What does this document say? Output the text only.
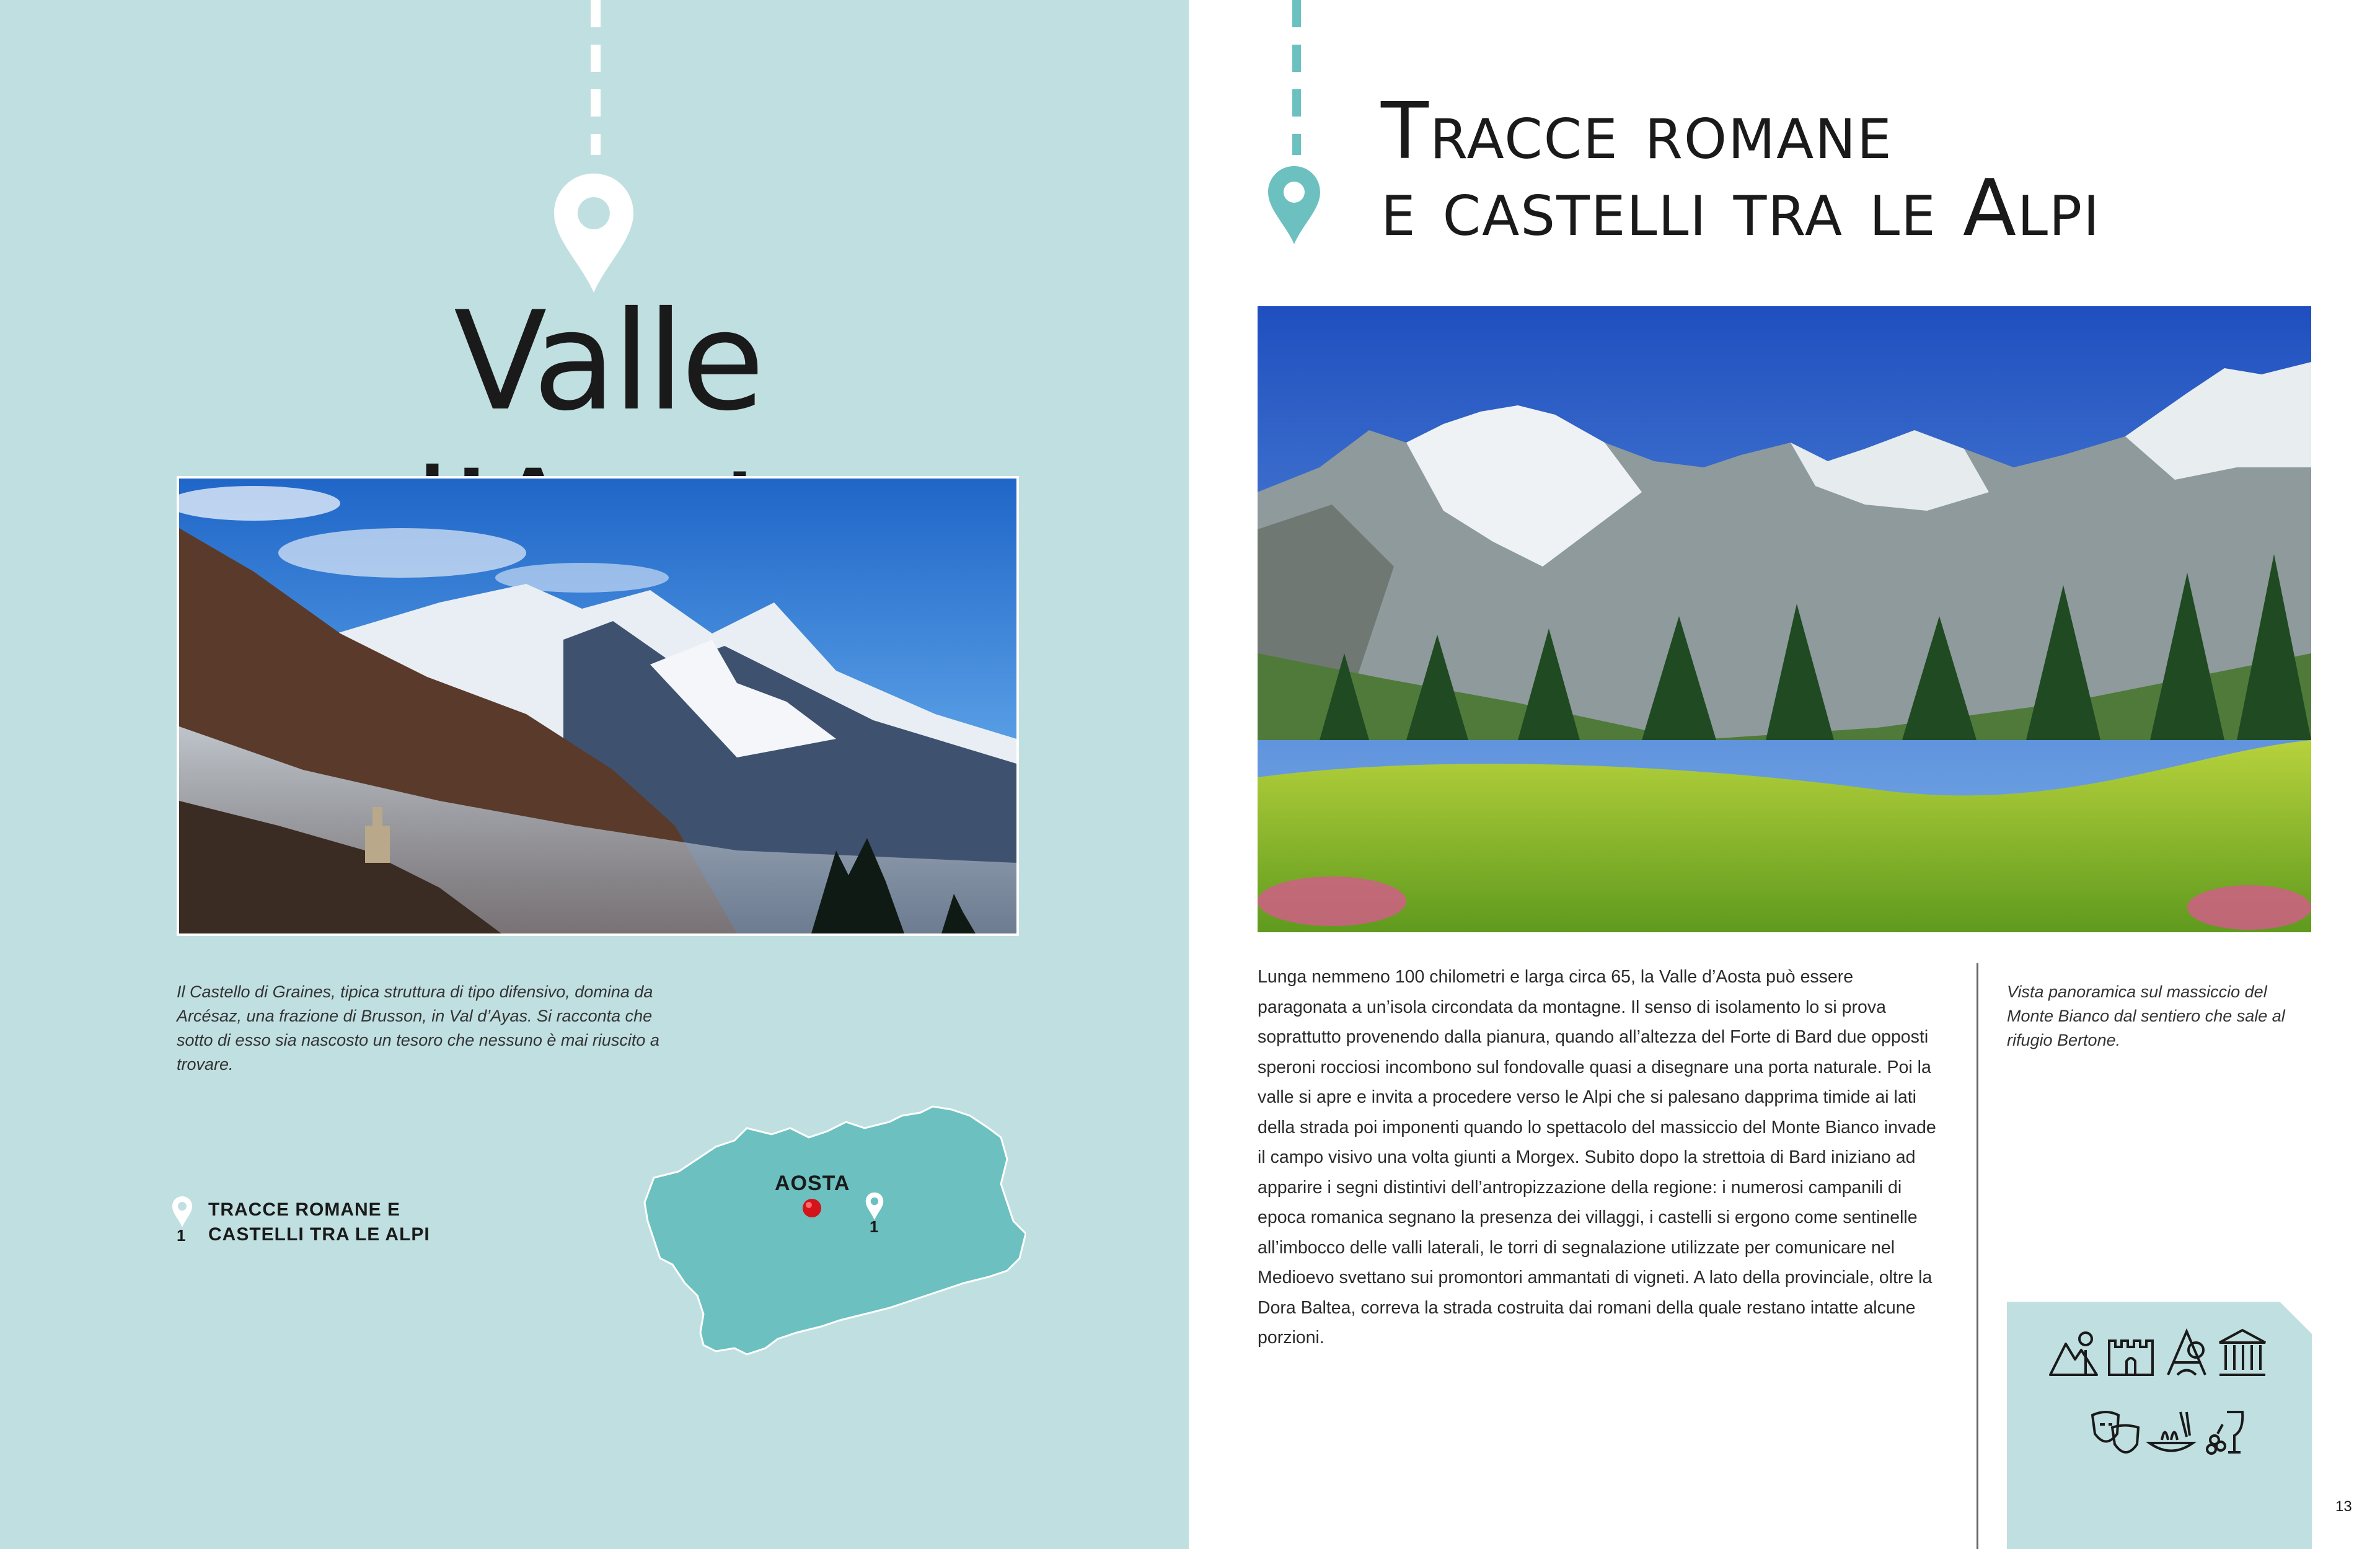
Valle

Il Castello di Graines, tipica struttura di tipo difensivo, domina da Arcésaz, una frazione di Brusson, in Val d’Ayas. Si racconta che sotto di esso sia nascosto un tesoro che nessuno è mai riuscito a trovare.

1
TRACCE ROMANE E
CASTELLI TRA LE ALPI
AOSTA
1
Tracce romane
e castelli tra le Alpi

Lunga nemmeno 100 chilometri e larga circa 65, la Valle d’Aosta può essere paragonata a un’isola circondata da montagne. Il senso di isolamento lo si prova soprattutto provenendo dalla pianura, quando all’altezza del Forte di Bard due opposti speroni rocciosi incombono sul fondovalle quasi a disegnare una porta naturale. Poi la valle si apre e invita a procedere verso le Alpi che si palesano dapprima timide ai lati della strada poi imponenti quando lo spettacolo del massiccio del Monte Bianco invade il campo visivo una volta giunti a Morgex. Subito dopo la strettoia di Bard iniziano ad apparire i segni distintivi dell’antropizzazione della regione: i numerosi campanili di epoca romanica segnano la presenza dei villaggi, i castelli si ergono come sentinelle all’imbocco delle valli laterali, le torri di segnalazione utilizzate per comunicare nel Medioevo svettano sui promontori ammantati di vigneti. A lato della provinciale, oltre la Dora Baltea, correva la strada costruita dai romani della quale restano intatte alcune porzioni.

Vista panoramica sul massiccio del Monte Bianco dal sentiero che sale al rifugio Bertone.

13
